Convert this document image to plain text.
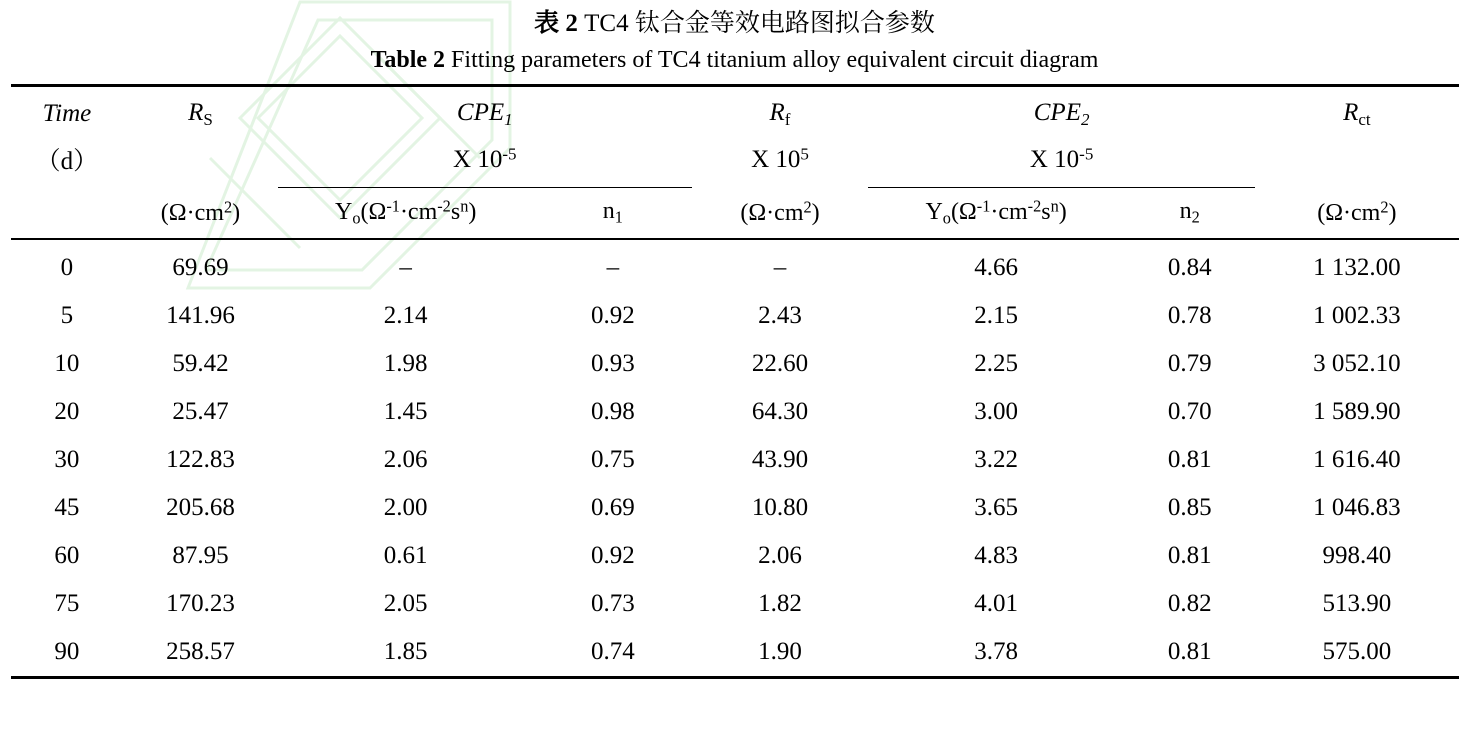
表 2 TC4 钛合金等效电路图拟合参数
Table 2 Fitting parameters of TC4 titanium alloy equivalent circuit diagram

Time	$R_S$	CPE1		$R_f$	CPE2		$R_{ct}$
（d）		X $10^{-5}$		X $10^5$	X $10^{-5}$	

	$(\Omega\cdot cm^2)$	$Y_o(\Omega^{-1}\cdot cm^{-2}s^n)$	$n_1$	$(\Omega\cdot cm^2)$	$Y_o(\Omega^{-1}\cdot cm^{-2}s^n)$	$n_2$	$(\Omega\cdot cm^2)$

0	69.69	–	–	–	4.66	0.84	1 132.00
5	141.96	2.14	0.92	2.43	2.15	0.78	1 002.33
10	59.42	1.98	0.93	22.60	2.25	0.79	3 052.10
20	25.47	1.45	0.98	64.30	3.00	0.70	1 589.90
30	122.83	2.06	0.75	43.90	3.22	0.81	1 616.40
45	205.68	2.00	0.69	10.80	3.65	0.85	1 046.83
60	87.95	0.61	0.92	2.06	4.83	0.81	998.40
75	170.23	2.05	0.73	1.82	4.01	0.82	513.90
90	258.57	1.85	0.74	1.90	3.78	0.81	575.00
